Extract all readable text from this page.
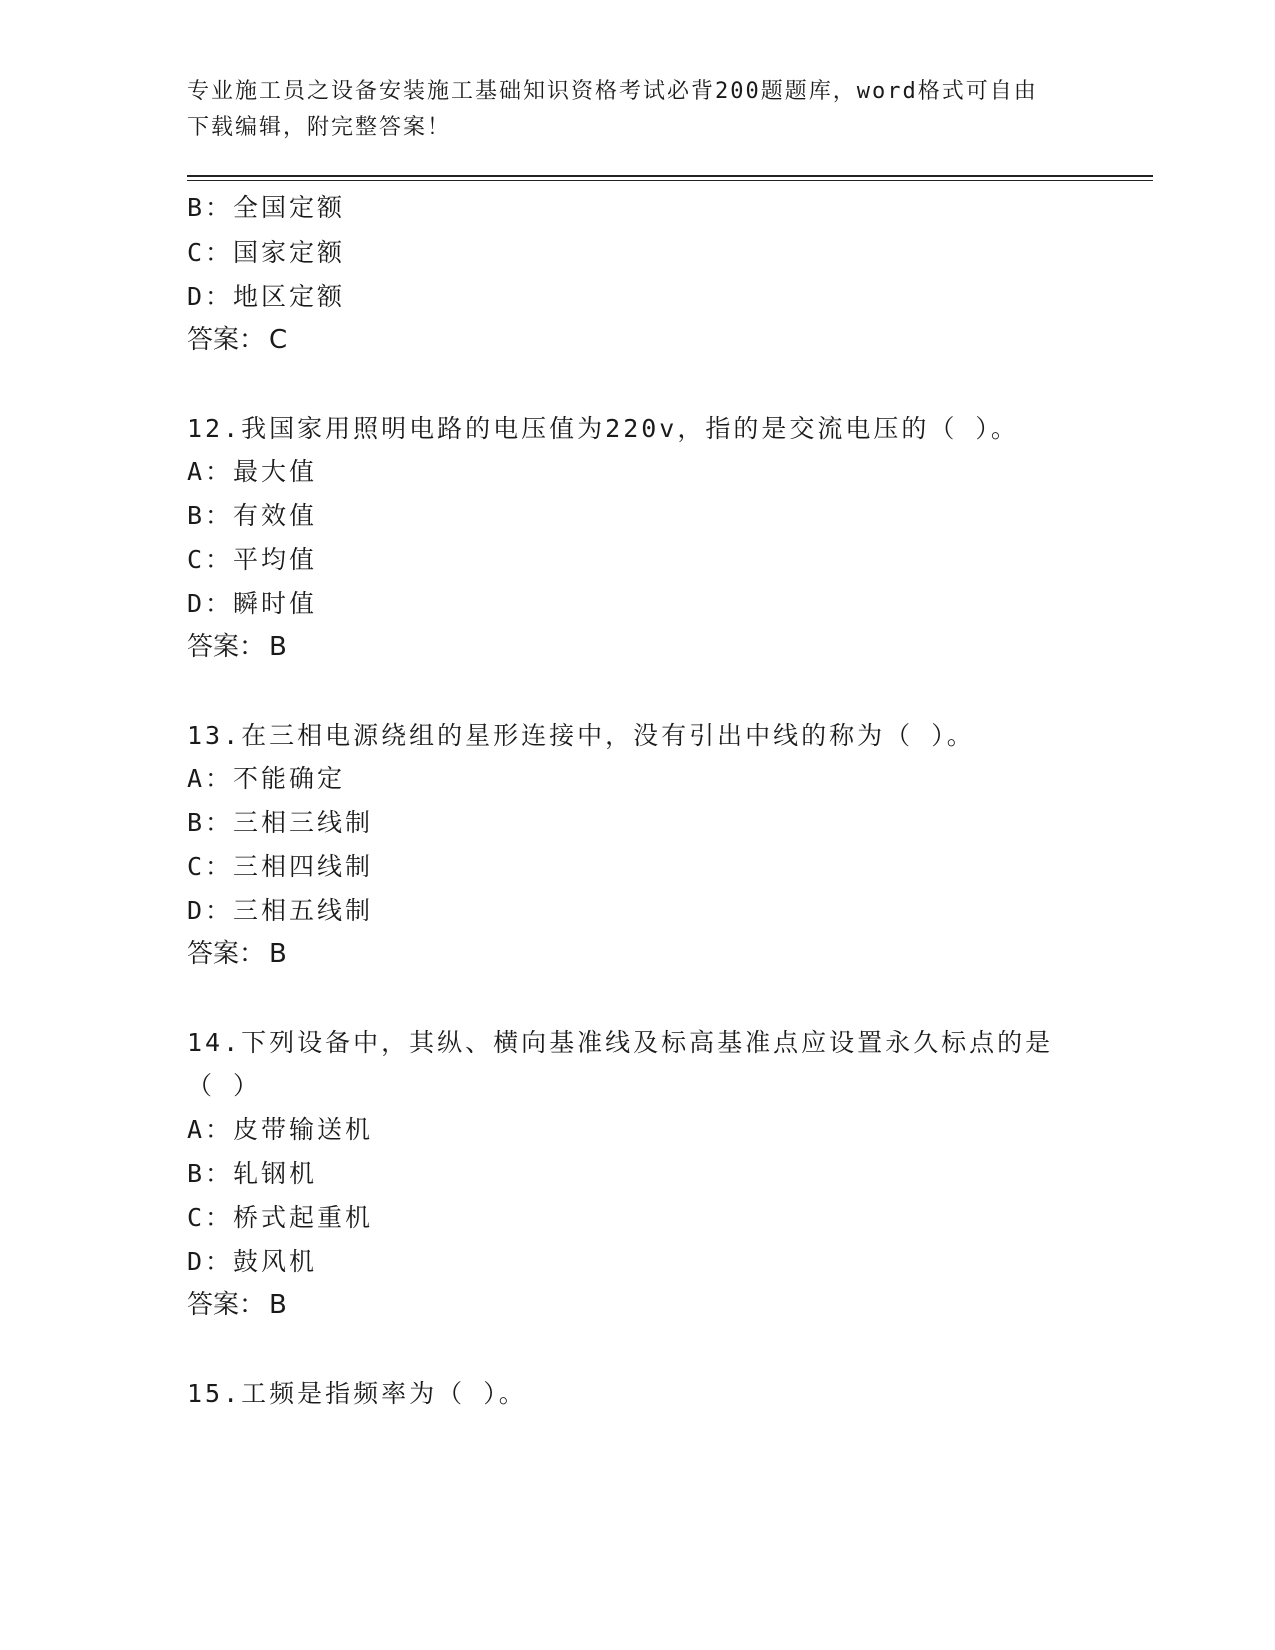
专业施工员之设备安装施工基础知识资格考试必背200题题库，word格式可自由
下载编辑，附完整答案！
B：全国定额
C：国家定额
D：地区定额
答案： C
12.我国家用照明电路的电压值为220v，指的是交流电压的（ ）。
A：最大值
B：有效值
C：平均值
D：瞬时值
答案： B
13.在三相电源绕组的星形连接中，没有引出中线的称为（ ）。
A：不能确定
B：三相三线制
C：三相四线制
D：三相五线制
答案： B
14.下列设备中，其纵、横向基准线及标高基准点应设置永久标点的是
（ ）
A：皮带输送机
B：轧钢机
C：桥式起重机
D：鼓风机
答案： B
15.工频是指频率为（ ）。
